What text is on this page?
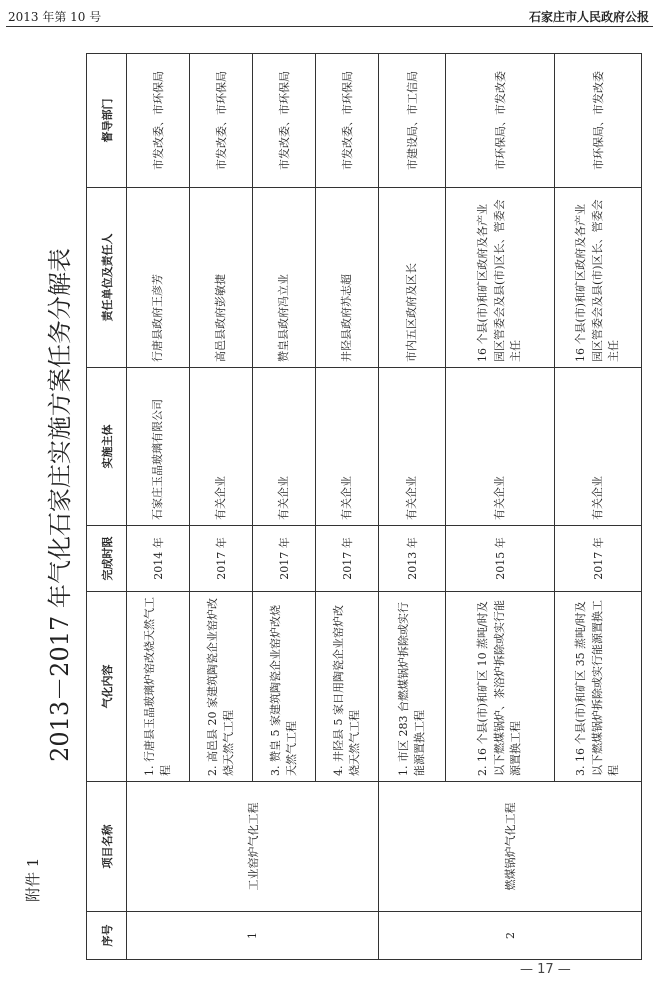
2013 年第 10 号	石家庄市人民政府公报
附件 1
2013－2017 年气化石家庄实施方案任务分解表
序号	项目名称	气化内容	完成时限	实施主体	责任单位及责任人	督导部门
1	工业窑炉气化工程	1. 行唐县玉晶玻璃炉窑改烧天然气工程	2014 年	石家庄玉晶玻璃有限公司	行唐县政府王彦芳	市发改委、市环保局
		2. 高邑县 20 家建筑陶瓷企业窑炉改烧天然气工程	2017 年	有关企业	高邑县政府彭敏捷	市发改委、市环保局
		3. 赞皇 5 家建筑陶瓷企业窑炉改烧天然气工程	2017 年	有关企业	赞皇县政府冯立业	市发改委、市环保局
		4. 井陉县 5 家日用陶瓷企业窑炉改烧天然气工程	2017 年	有关企业	井陉县政府苏志超	市发改委、市环保局
2	燃煤锅炉气化工程	1. 市区 283 台燃煤锅炉拆除或实行能源置换工程	2013 年	有关企业	市内五区政府及区长	市建设局、市工信局
		2. 16 个县(市)和矿区 10 蒸吨/时及以下燃煤锅炉、茶浴炉拆除或实行能源置换工程	2015 年	有关企业	16 个县(市)和矿区政府及各产业园区管委会及县(市)区长、管委会主任	市环保局、市发改委
		3. 16 个县(市)和矿区 35 蒸吨/时及以下燃煤锅炉拆除或实行能源置换工程	2017 年	有关企业	16 个县(市)和矿区政府及各产业园区管委会及县(市)区长、管委会主任	市环保局、市发改委
— 17 —
